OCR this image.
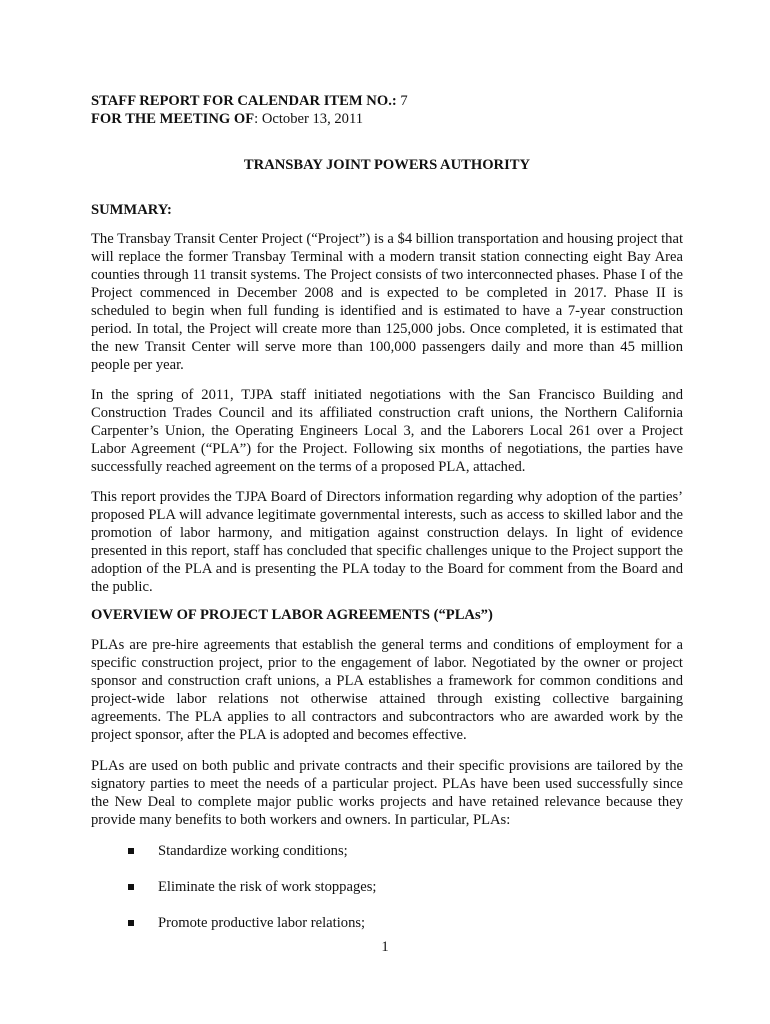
STAFF REPORT FOR CALENDAR ITEM NO.: 7
FOR THE MEETING OF: October 13, 2011
TRANSBAY JOINT POWERS AUTHORITY
SUMMARY:

The Transbay Transit Center Project (“Project”) is a $4 billion transportation and housing project that will replace the former Transbay Terminal with a modern transit station connecting eight Bay Area counties through 11 transit systems. The Project consists of two interconnected phases. Phase I of the Project commenced in December 2008 and is expected to be completed in 2017. Phase II is scheduled to begin when full funding is identified and is estimated to have a 7-year construction period. In total, the Project will create more than 125,000 jobs. Once completed, it is estimated that the new Transit Center will serve more than 100,000 passengers daily and more than 45 million people per year.

In the spring of 2011, TJPA staff initiated negotiations with the San Francisco Building and Construction Trades Council and its affiliated construction craft unions, the Northern California Carpenter’s Union, the Operating Engineers Local 3, and the Laborers Local 261 over a Project Labor Agreement (“PLA”) for the Project. Following six months of negotiations, the parties have successfully reached agreement on the terms of a proposed PLA, attached.

This report provides the TJPA Board of Directors information regarding why adoption of the parties’ proposed PLA will advance legitimate governmental interests, such as access to skilled labor and the promotion of labor harmony, and mitigation against construction delays. In light of evidence presented in this report, staff has concluded that specific challenges unique to the Project support the adoption of the PLA and is presenting the PLA today to the Board for comment from the Board and the public.

OVERVIEW OF PROJECT LABOR AGREEMENTS (“PLAs”)

PLAs are pre-hire agreements that establish the general terms and conditions of employment for a specific construction project, prior to the engagement of labor. Negotiated by the owner or project sponsor and construction craft unions, a PLA establishes a framework for common conditions and project-wide labor relations not otherwise attained through existing collective bargaining agreements. The PLA applies to all contractors and subcontractors who are awarded work by the project sponsor, after the PLA is adopted and becomes effective.

PLAs are used on both public and private contracts and their specific provisions are tailored by the signatory parties to meet the needs of a particular project. PLAs have been used successfully since the New Deal to complete major public works projects and have retained relevance because they provide many benefits to both workers and owners. In particular, PLAs:

Standardize working conditions;
Eliminate the risk of work stoppages;
Promote productive labor relations;
1
